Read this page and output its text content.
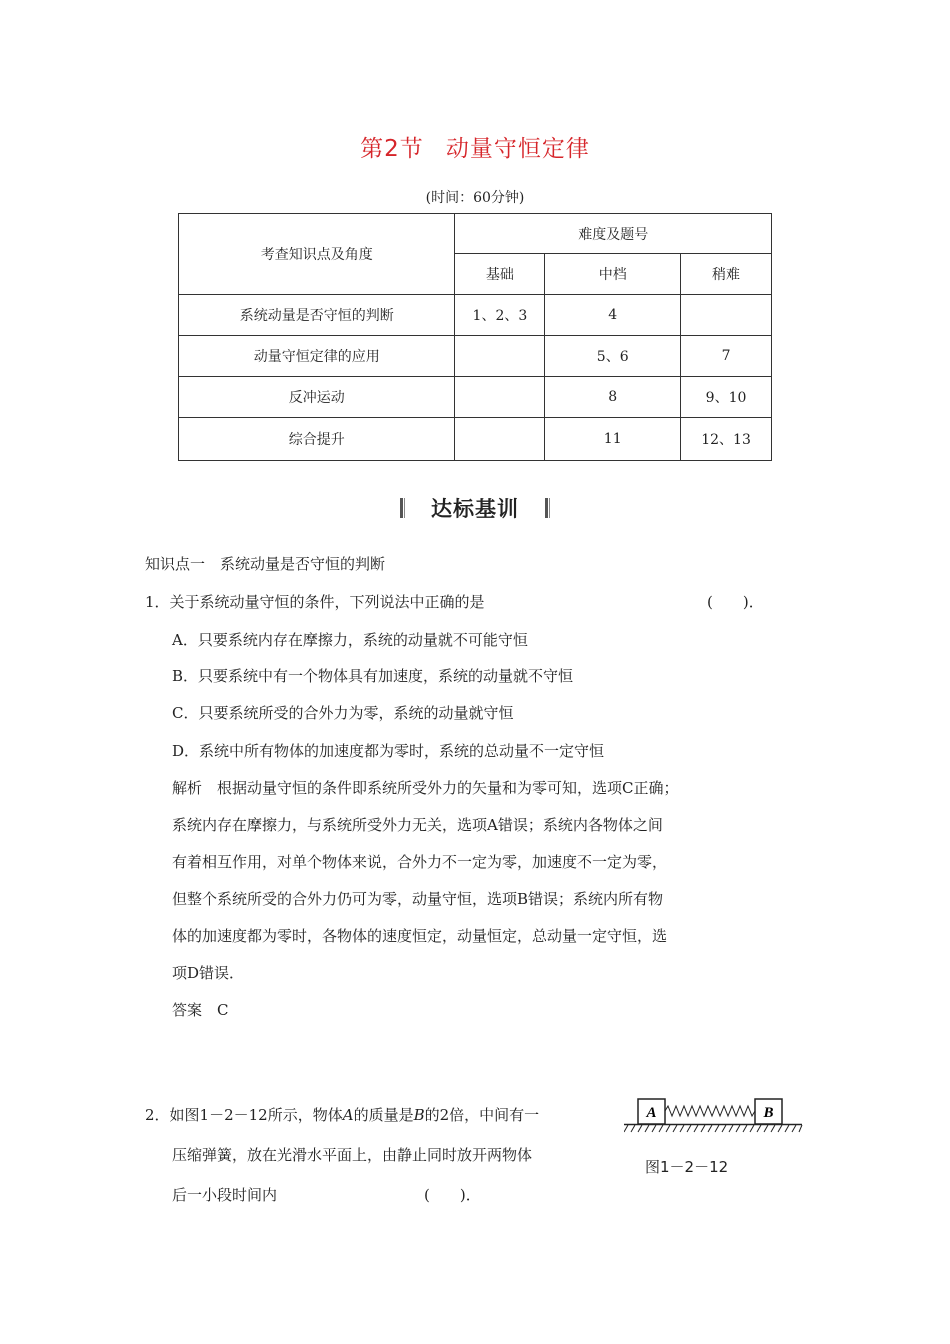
第2节 动量守恒定律
(时间：60分钟)
考查知识点及角度	难度及题号		
	基础	中档	稍难
系统动量是否守恒的判断	1、2、3	4	
动量守恒定律的应用		5、6	7
反冲运动		8	9、10
综合提升		11	12、13
达标基训
知识点一 系统动量是否守恒的判断
1．关于系统动量守恒的条件，下列说法中正确的是	(　　)．
A．只要系统内存在摩擦力，系统的动量就不可能守恒
B．只要系统中有一个物体具有加速度，系统的动量就不守恒
C．只要系统所受的合外力为零，系统的动量就守恒
D．系统中所有物体的加速度都为零时，系统的总动量不一定守恒
解析 根据动量守恒的条件即系统所受外力的矢量和为零可知，选项C正确；
系统内存在摩擦力，与系统所受外力无关，选项A错误；系统内各物体之间
有着相互作用，对单个物体来说，合外力不一定为零，加速度不一定为零，
但整个系统所受的合外力仍可为零，动量守恒，选项B错误；系统内所有物
体的加速度都为零时，各物体的速度恒定，动量恒定，总动量一定守恒，选
项D错误．
答案 C
2．如图1－2－12所示，物体A的质量是B的2倍，中间有一
压缩弹簧，放在光滑水平面上，由静止同时放开两物体
后一小段时间内	(　　)．
A	B
图1－2－12
